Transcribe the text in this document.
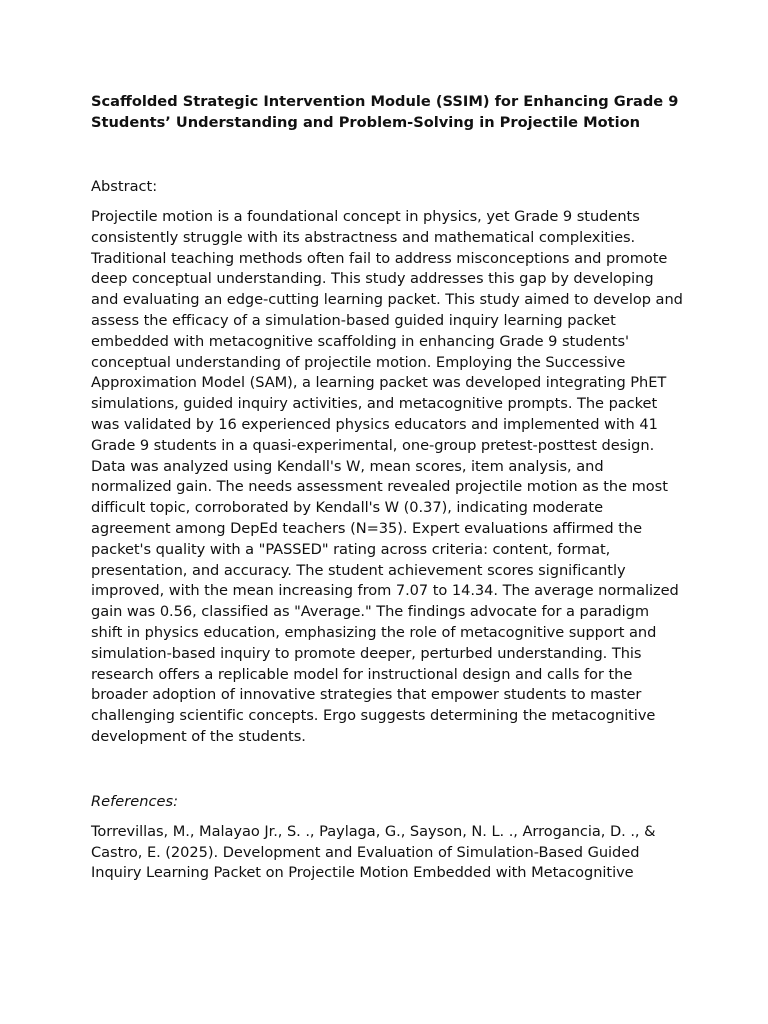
Scaffolded Strategic Intervention Module (SSIM) for Enhancing Grade 9 Students’ Understanding and Problem-Solving in Projectile Motion

Abstract:

Projectile motion is a foundational concept in physics, yet Grade 9 students consistently struggle with its abstractness and mathematical complexities. Traditional teaching methods often fail to address misconceptions and promote deep conceptual understanding. This study addresses this gap by developing and evaluating an edge-cutting learning packet. This study aimed to develop and assess the efficacy of a simulation-based guided inquiry learning packet embedded with metacognitive scaffolding in enhancing Grade 9 students' conceptual understanding of projectile motion. Employing the Successive Approximation Model (SAM), a learning packet was developed integrating PhET simulations, guided inquiry activities, and metacognitive prompts. The packet was validated by 16 experienced physics educators and implemented with 41 Grade 9 students in a quasi-experimental, one-group pretest-posttest design. Data was analyzed using Kendall's W, mean scores, item analysis, and normalized gain. The needs assessment revealed projectile motion as the most difficult topic, corroborated by Kendall's W (0.37), indicating moderate agreement among DepEd teachers (N=35). Expert evaluations affirmed the packet's quality with a "PASSED" rating across criteria: content, format, presentation, and accuracy. The student achievement scores significantly improved, with the mean increasing from 7.07 to 14.34. The average normalized gain was 0.56, classified as "Average." The findings advocate for a paradigm shift in physics education, emphasizing the role of metacognitive support and simulation-based inquiry to promote deeper, perturbed understanding. This research offers a replicable model for instructional design and calls for the broader adoption of innovative strategies that empower students to master challenging scientific concepts. Ergo suggests determining the metacognitive development of the students.

References:

Torrevillas, M., Malayao Jr., S. ., Paylaga, G., Sayson, N. L. ., Arrogancia, D. ., & Castro, E. (2025). Development and Evaluation of Simulation-Based Guided Inquiry Learning Packet on Projectile Motion Embedded with Metacognitive
